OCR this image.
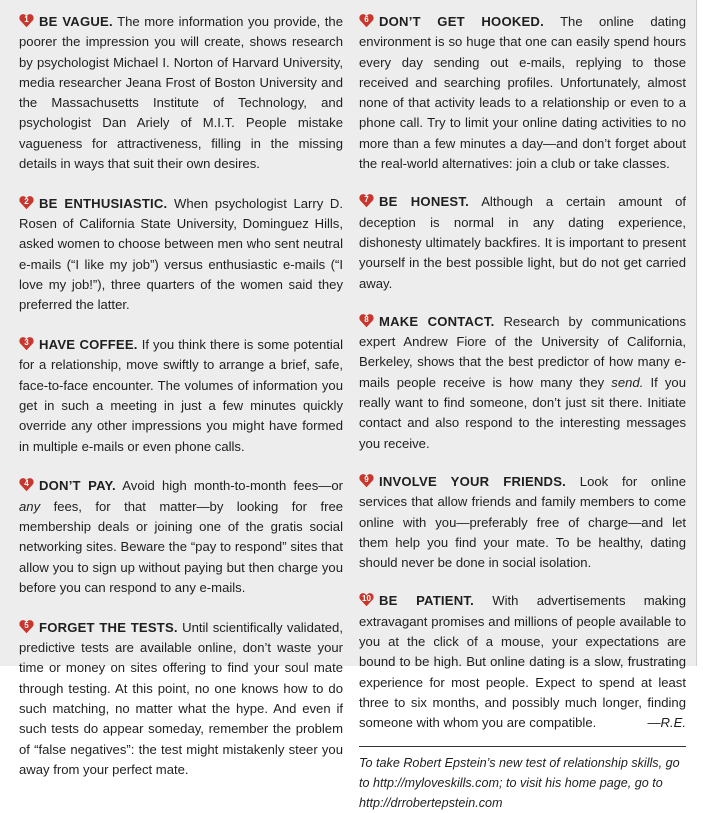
1 BE VAGUE. The more information you provide, the poorer the impression you will create, shows research by psychologist Michael I. Norton of Harvard University, media researcher Jeana Frost of Boston University and the Massachusetts Institute of Technology, and psychologist Dan Ariely of M.I.T. People mistake vagueness for attractiveness, filling in the missing details in ways that suit their own desires.

2 BE ENTHUSIASTIC. When psychologist Larry D. Rosen of California State University, Dominguez Hills, asked women to choose between men who sent neutral e-mails (“I like my job”) versus enthusiastic e-mails (“I love my job!”), three quarters of the women said they preferred the latter.

3 HAVE COFFEE. If you think there is some potential for a relationship, move swiftly to arrange a brief, safe, face-to-face encounter. The volumes of information you get in such a meeting in just a few minutes quickly override any other impressions you might have formed in multiple e-mails or even phone calls.

4 DON’T PAY. Avoid high month-to-month fees—or any fees, for that matter—by looking for free membership deals or joining one of the gratis social networking sites. Beware the “pay to respond” sites that allow you to sign up without paying but then charge you before you can respond to any e-mails.

5 FORGET THE TESTS. Until scientifically validated, predictive tests are available online, don’t waste your time or money on sites offering to find your soul mate through testing. At this point, no one knows how to do such matching, no matter what the hype. And even if such tests do appear someday, remember the problem of “false negatives”: the test might mistakenly steer you away from your perfect mate.

6 DON’T GET HOOKED. The online dating environment is so huge that one can easily spend hours every day sending out e-mails, replying to those received and searching profiles. Unfortunately, almost none of that activity leads to a relationship or even to a phone call. Try to limit your online dating activities to no more than a few minutes a day—and don’t forget about the real-world alternatives: join a club or take classes.

7 BE HONEST. Although a certain amount of deception is normal in any dating experience, dishonesty ultimately backfires. It is important to present yourself in the best possible light, but do not get carried away.

8 MAKE CONTACT. Research by communications expert Andrew Fiore of the University of California, Berkeley, shows that the best predictor of how many e-mails people receive is how many they send. If you really want to find someone, don’t just sit there. Initiate contact and also respond to the interesting messages you receive.

9 INVOLVE YOUR FRIENDS. Look for online services that allow friends and family members to come online with you—preferably free of charge—and let them help you find your mate. To be healthy, dating should never be done in social isolation.

10 BE PATIENT. With advertisements making extravagant promises and millions of people available to you at the click of a mouse, your expectations are bound to be high. But online dating is a slow, frustrating experience for most people. Expect to spend at least three to six months, and possibly much longer, finding someone with whom you are compatible.	—R.E.

To take Robert Epstein’s new test of relationship skills, go to http://myloveskills.com; to visit his home page, go to http://drrobertepstein.com
